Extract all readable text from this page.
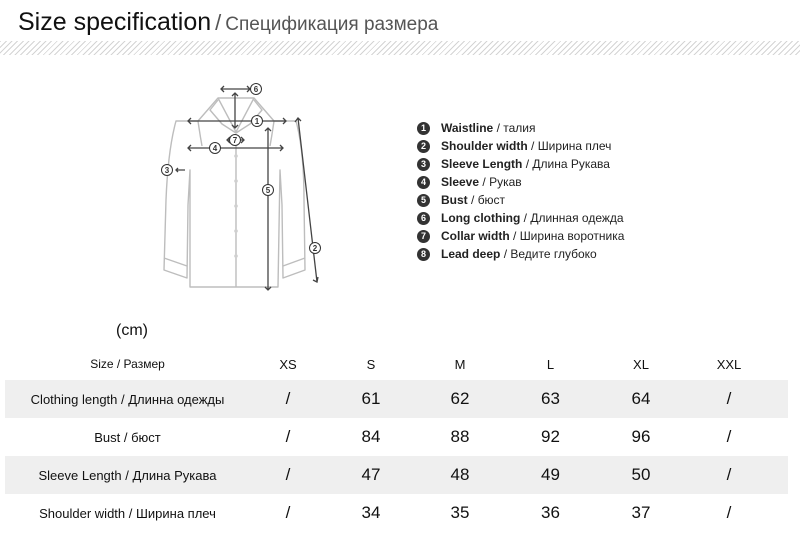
Size specification / Спецификация размера
6
1
7
4
3
5
2
1	Waistline / талия
2	Shoulder width / Ширина плеч
3	Sleeve Length / Длина Рукава
4	Sleeve / Рукав
5	Bust / бюст
6	Long clothing / Длинная одежда
7	Collar width / Ширина воротника
8	Lead deep / Ведите глубоко
(cm)
Size / Размер	XS	S	M	L	XL	XXL
Clothing length / Длинна одежды	/	61	62	63	64	/
Bust / бюст	/	84	88	92	96	/
Sleeve Length / Длина Рукава	/	47	48	49	50	/
Shoulder width / Ширина плеч	/	34	35	36	37	/
